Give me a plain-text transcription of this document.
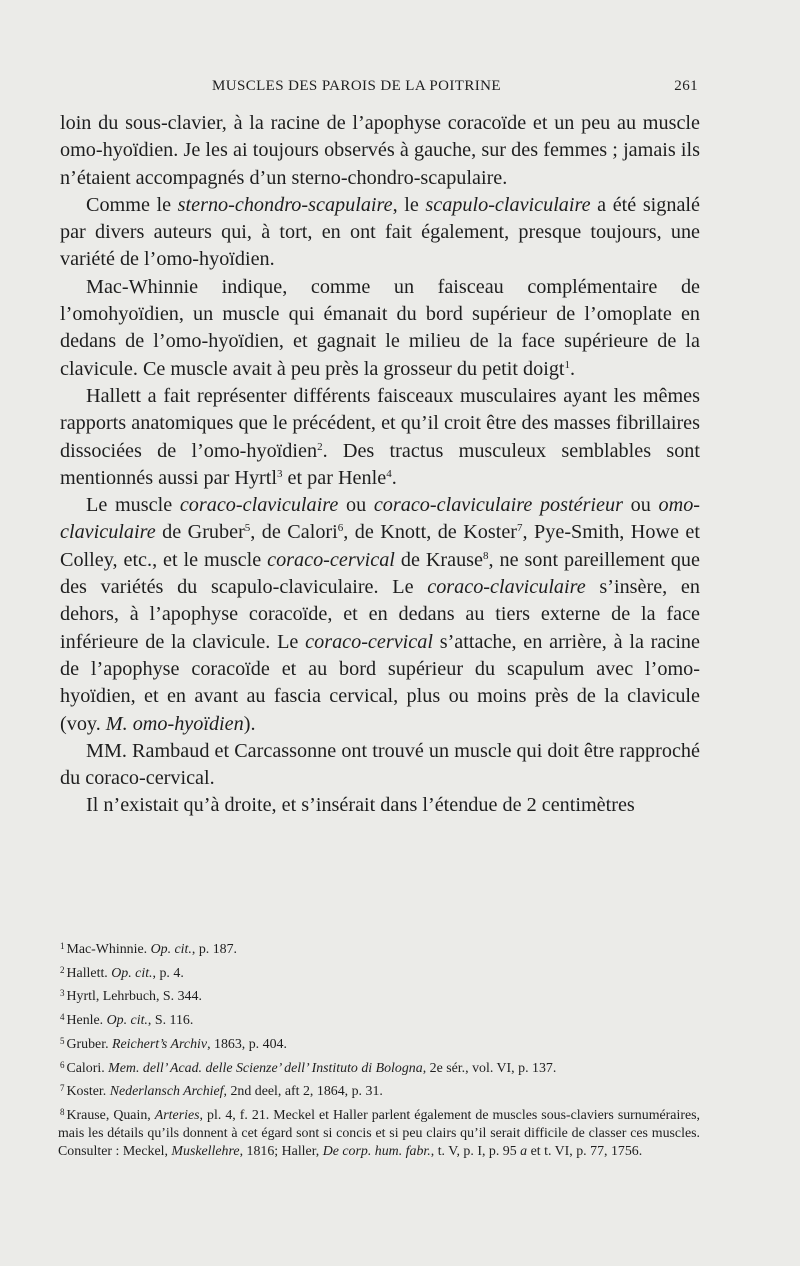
MUSCLES DES PAROIS DE LA POITRINE	261

loin du sous-clavier, à la racine de l’apophyse coracoïde et un peu au muscle omo-hyoïdien. Je les ai toujours observés à gauche, sur des femmes ; jamais ils n’étaient accompagnés d’un sterno-chondro-scapulaire.

Comme le sterno-chondro-scapulaire, le scapulo-claviculaire a été signalé par divers auteurs qui, à tort, en ont fait également, presque toujours, une variété de l’omo-hyoïdien.

Mac-Whinnie indique, comme un faisceau complémentaire de l’omohyoïdien, un muscle qui émanait du bord supérieur de l’omoplate en dedans de l’omo-hyoïdien, et gagnait le milieu de la face supérieure de la clavicule. Ce muscle avait à peu près la grosseur du petit doigt$^1$.

Hallett a fait représenter différents faisceaux musculaires ayant les mêmes rapports anatomiques que le précédent, et qu’il croit être des masses fibrillaires dissociées de l’omo-hyoïdien$^2$. Des tractus musculeux semblables sont mentionnés aussi par Hyrtl$^3$ et par Henle$^4$.

Le muscle coraco-claviculaire ou coraco-claviculaire postérieur ou omo-claviculaire de Gruber$^5$, de Calori$^6$, de Knott, de Koster$^7$, Pye-Smith, Howe et Colley, etc., et le muscle coraco-cervical de Krause$^8$, ne sont pareillement que des variétés du scapulo-claviculaire. Le coraco-claviculaire s’insère, en dehors, à l’apophyse coracoïde, et en dedans au tiers externe de la face inférieure de la clavicule. Le coraco-cervical s’attache, en arrière, à la racine de l’apophyse coracoïde et au bord supérieur du scapulum avec l’omo-hyoïdien, et en avant au fascia cervical, plus ou moins près de la clavicule (voy. M. omo-hyoïdien).

MM. Rambaud et Carcassonne ont trouvé un muscle qui doit être rapproché du coraco-cervical.

Il n’existait qu’à droite, et s’insérait dans l’étendue de 2 centimètres

$^1$ Mac-Whinnie. Op. cit., p. 187.
$^2$ Hallett. Op. cit., p. 4.
$^3$ Hyrtl, Lehrbuch, S. 344.
$^4$ Henle. Op. cit., S. 116.
$^5$ Gruber. Reichert’s Archiv, 1863, p. 404.
$^6$ Calori. Mem. dell’ Acad. delle Scienze’ dell’ Instituto di Bologna, 2e sér., vol. VI, p. 137.
$^7$ Koster. Nederlansch Archief, 2nd deel, aft 2, 1864, p. 31.
$^8$ Krause, Quain, Arteries, pl. 4, f. 21. Meckel et Haller parlent également de muscles sous-claviers surnuméraires, mais les détails qu’ils donnent à cet égard sont si concis et si peu clairs qu’il serait difficile de classer ces muscles. Consulter : Meckel, Muskellehre, 1816; Haller, De corp. hum. fabr., t. V, p. I, p. 95 a et t. VI, p. 77, 1756.
